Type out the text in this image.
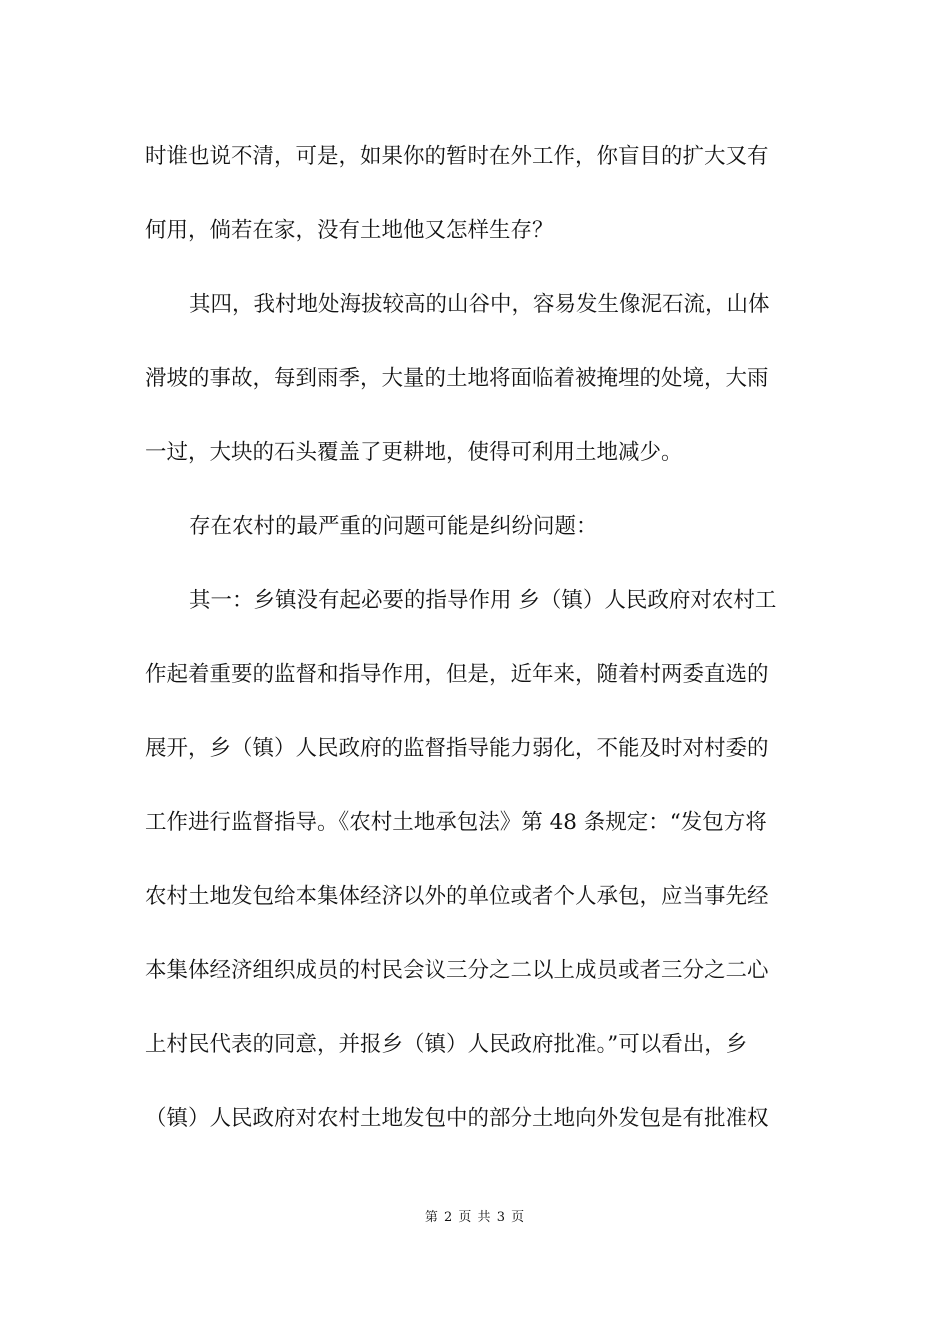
时谁也说不清，可是，如果你的暂时在外工作，你盲目的扩大又有
何用，倘若在家，没有土地他又怎样生存？
其四，我村地处海拔较高的山谷中，容易发生像泥石流，山体
滑坡的事故，每到雨季，大量的土地将面临着被掩埋的处境，大雨
一过，大块的石头覆盖了更耕地，使得可利用土地减少。
存在农村的最严重的问题可能是纠纷问题：
其一：乡镇没有起必要的指导作用 乡（镇）人民政府对农村工
作起着重要的监督和指导作用，但是，近年来，随着村两委直选的
展开，乡（镇）人民政府的监督指导能力弱化，不能及时对村委的
工作进行监督指导。《农村土地承包法》第 48 条规定：“发包方将
农村土地发包给本集体经济以外的单位或者个人承包，应当事先经
本集体经济组织成员的村民会议三分之二以上成员或者三分之二心
上村民代表的同意，并报乡（镇）人民政府批准。”可以看出，乡
（镇）人民政府对农村土地发包中的部分土地向外发包是有批准权
第 2 页 共 3 页
